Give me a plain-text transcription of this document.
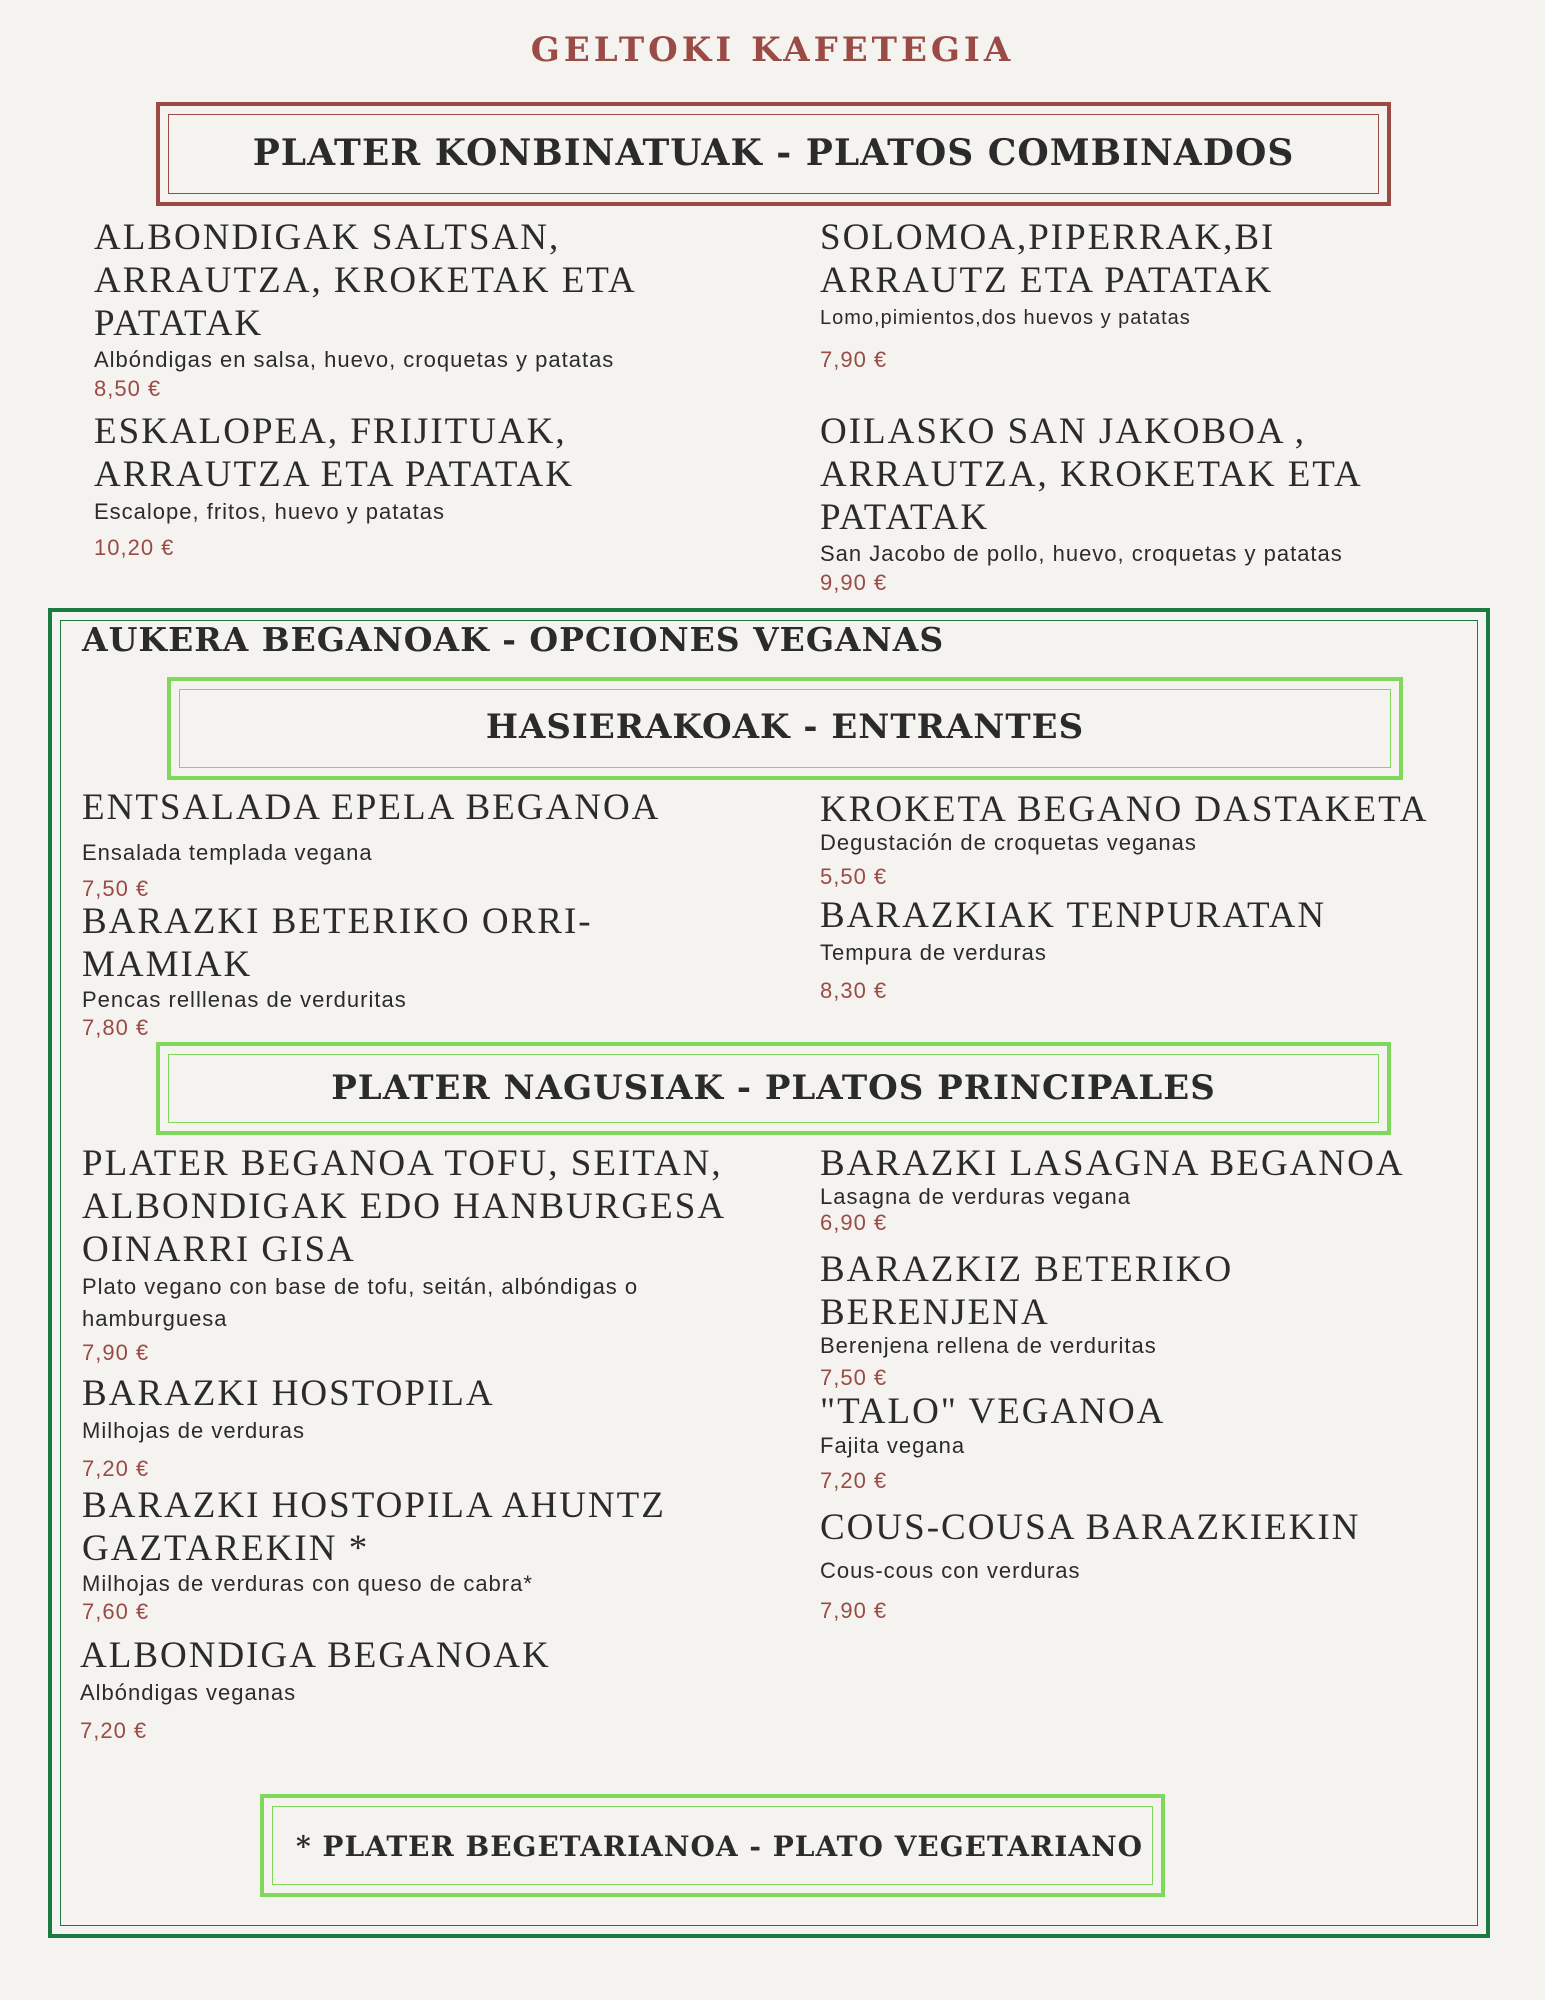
GELTOKI KAFETEGIA
PLATER KONBINATUAK - PLATOS COMBINADOS
ALBONDIGAK SALTSAN, ARRAUTZA, KROKETAK ETA PATATAK
Albóndigas en salsa, huevo, croquetas y patatas
8,50 €
SOLOMOA,PIPERRAK,BI ARRAUTZ ETA PATATAK
Lomo,pimientos,dos huevos y patatas
7,90 €
ESKALOPEA, FRIJITUAK, ARRAUTZA ETA PATATAK
Escalope, fritos, huevo y patatas
10,20 €
OILASKO SAN JAKOBOA , ARRAUTZA, KROKETAK ETA PATATAK
San Jacobo de pollo, huevo, croquetas y patatas
9,90 €
AUKERA BEGANOAK - OPCIONES VEGANAS
HASIERAKOAK - ENTRANTES
ENTSALADA EPELA BEGANOA
Ensalada templada vegana
7,50 €
KROKETA BEGANO DASTAKETA
Degustación de croquetas veganas
5,50 €
BARAZKI BETERIKO ORRI-MAMIAK
Pencas relllenas de verduritas
7,80 €
BARAZKIAK TENPURATAN
Tempura de verduras
8,30 €
PLATER NAGUSIAK - PLATOS PRINCIPALES
PLATER BEGANOA TOFU, SEITAN, ALBONDIGAK EDO HANBURGESA OINARRI GISA
Plato vegano con base de tofu, seitán, albóndigas o hamburguesa
7,90 €
BARAZKI HOSTOPILA
Milhojas de verduras
7,20 €
BARAZKI HOSTOPILA AHUNTZ GAZTAREKIN *
Milhojas de verduras con queso de cabra*
7,60 €
ALBONDIGA BEGANOAK
Albóndigas veganas
7,20 €
BARAZKI LASAGNA BEGANOA
Lasagna de verduras vegana
6,90 €
BARAZKIZ BETERIKO BERENJENA
Berenjena rellena de verduritas
7,50 €
"TALO" VEGANOA
Fajita vegana
7,20 €
COUS-COUSA BARAZKIEKIN
Cous-cous con verduras
7,90 €
* PLATER BEGETARIANOA - PLATO VEGETARIANO
